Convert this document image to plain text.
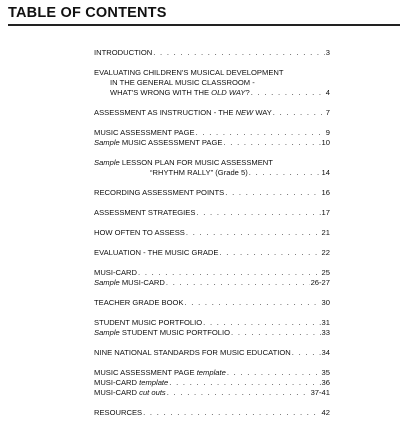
TABLE OF CONTENTS
INTRODUCTION . . .	3
EVALUATING CHILDREN'S MUSICAL DEVELOPMENT
IN THE GENERAL MUSIC CLASSROOM -
WHAT'S WRONG WITH THE OLD WAY? . . .	4
ASSESSMENT AS INSTRUCTION - THE NEW WAY . . .	7
MUSIC ASSESSMENT PAGE . . .	9
Sample MUSIC ASSESSMENT PAGE . . .	10
Sample LESSON PLAN FOR MUSIC ASSESSMENT
“RHYTHM RALLY” (Grade 5) . . .	14
RECORDING ASSESSMENT POINTS . . .	16
ASSESSMENT STRATEGIES . . .	17
HOW OFTEN TO ASSESS . . .	21
EVALUATION - THE MUSIC GRADE . . .	22
MUSI-CARD . . .	25
Sample MUSI-CARD . . .	26-27
TEACHER GRADE BOOK . . .	30
STUDENT MUSIC PORTFOLIO . . .	31
Sample STUDENT MUSIC PORTFOLIO . . .	33
NINE NATIONAL STANDARDS FOR MUSIC EDUCATION . . .	34
MUSIC ASSESSMENT PAGE template . . .	35
MUSI-CARD template . . .	36
MUSI-CARD cut outs . . .	37-41
RESOURCES . . .	42
